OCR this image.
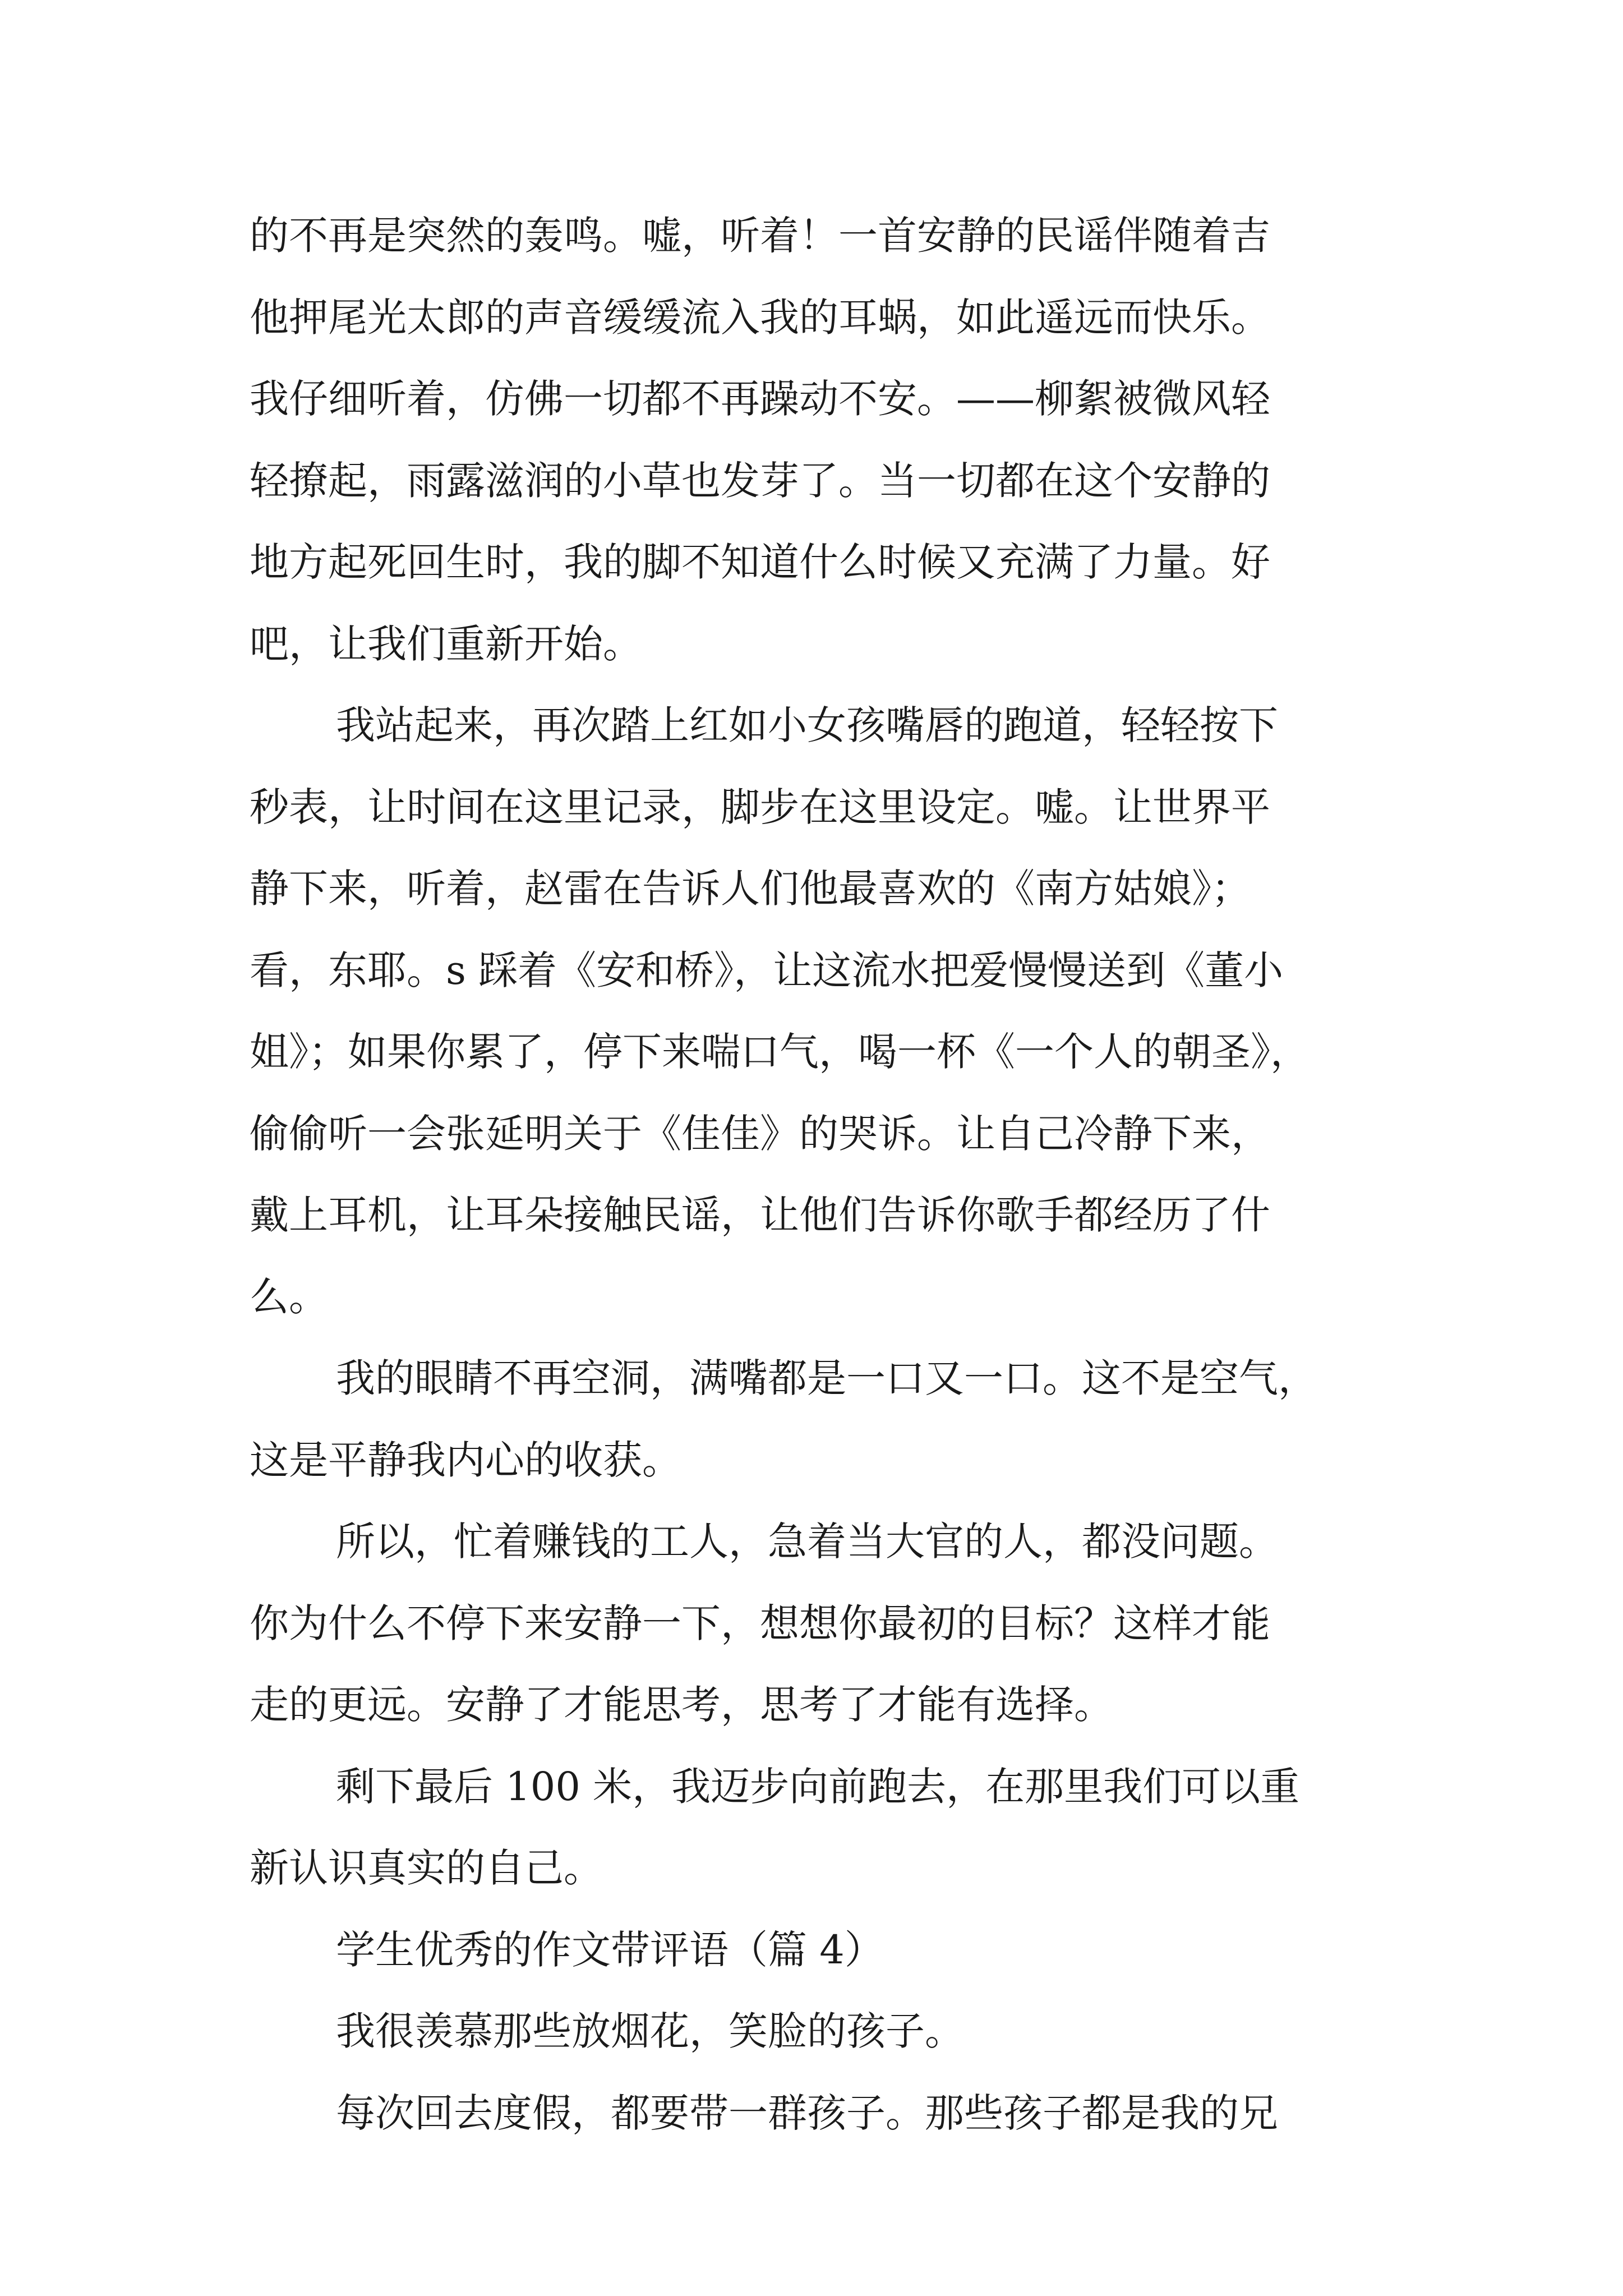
的不再是突然的轰鸣。嘘，听着！一首安静的民谣伴随着吉
他押尾光太郎的声音缓缓流入我的耳蜗，如此遥远而快乐。
我仔细听着，仿佛一切都不再躁动不安。——柳絮被微风轻
轻撩起，雨露滋润的小草也发芽了。当一切都在这个安静的
地方起死回生时，我的脚不知道什么时候又充满了力量。好
吧，让我们重新开始。
我站起来，再次踏上红如小女孩嘴唇的跑道，轻轻按下
秒表，让时间在这里记录，脚步在这里设定。嘘。让世界平
静下来，听着，赵雷在告诉人们他最喜欢的《南方姑娘》；
看，东耶。s 踩着《安和桥》，让这流水把爱慢慢送到《董小
姐》；如果你累了，停下来喘口气，喝一杯《一个人的朝圣》，
偷偷听一会张延明关于《佳佳》的哭诉。让自己冷静下来，
戴上耳机，让耳朵接触民谣，让他们告诉你歌手都经历了什
么。
我的眼睛不再空洞，满嘴都是一口又一口。这不是空气，
这是平静我内心的收获。
所以，忙着赚钱的工人，急着当大官的人，都没问题。
你为什么不停下来安静一下，想想你最初的目标？这样才能
走的更远。安静了才能思考，思考了才能有选择。
剩下最后 100 米，我迈步向前跑去，在那里我们可以重
新认识真实的自己。
学生优秀的作文带评语（篇 4）
我很羡慕那些放烟花，笑脸的孩子。
每次回去度假，都要带一群孩子。那些孩子都是我的兄
